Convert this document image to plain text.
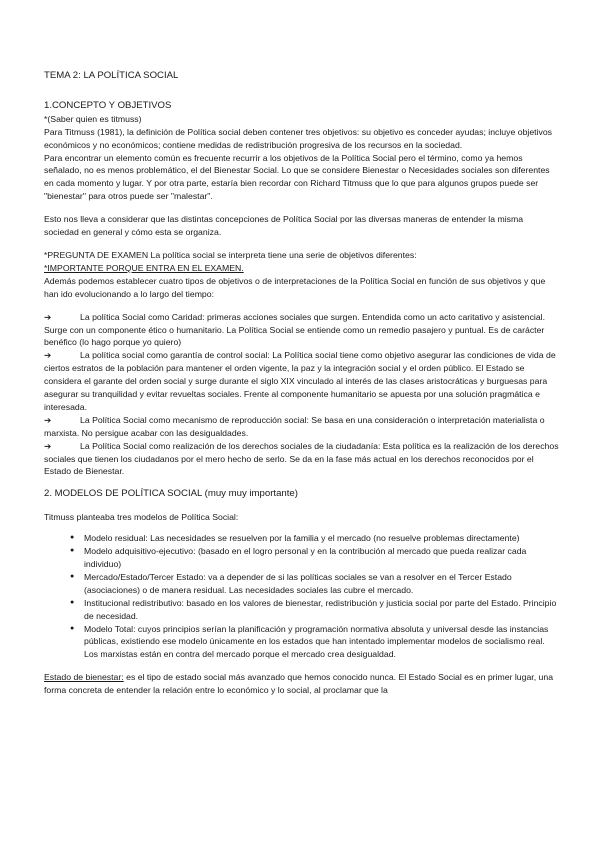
TEMA 2: LA POLÍTICA SOCIAL

1.CONCEPTO Y OBJETIVOS

*(Saber quien es titmuss)

Para Titmuss (1981), la definición de Política social deben contener tres objetivos: su objetivo es conceder ayudas; incluye objetivos económicos y no económicos; contiene medidas de redistribución progresiva de los recursos en la sociedad.

Para encontrar un elemento común es frecuente recurrir a los objetivos de la Política Social pero el término, como ya hemos señalado, no es menos problemático, el del Bienestar Social. Lo que se considere Bienestar o Necesidades sociales son diferentes en cada momento y lugar. Y por otra parte, estaría bien recordar con Richard Titmuss que lo que para algunos grupos puede ser "bienestar" para otros puede ser "malestar".

Esto nos lleva a considerar que las distintas concepciones de Política Social por las diversas maneras de entender la misma sociedad en general y cómo esta se organiza.

*PREGUNTA DE EXAMEN La política social se interpreta tiene una serie de objetivos diferentes:

*IMPORTANTE PORQUE ENTRA EN EL EXAMEN.

Además podemos establecer cuatro tipos de objetivos o de interpretaciones de la Política Social en función de sus objetivos y que han ido evolucionando a lo largo del tiempo:

➔	La política Social como Caridad: primeras acciones sociales que surgen. Entendida como un acto caritativo y asistencial. Surge con un componente ético o humanitario. La Política Social se entiende como un remedio pasajero y puntual. Es de carácter benéfico (lo hago porque yo quiero)

➔	La política social como garantía de control social: La Política social tiene como objetivo asegurar las condiciones de vida de ciertos estratos de la población para mantener el orden vigente, la paz y la integración social y el orden público. El Estado se considera el garante del orden social y surge durante el siglo XIX vinculado al interés de las clases aristocráticas y burguesas para asegurar su tranquilidad y evitar revueltas sociales. Frente al componente humanitario se apuesta por una solución pragmática e interesada.

➔	La Política Social como mecanismo de reproducción social: Se basa en una consideración o interpretación materialista o marxista. No persigue acabar con las desigualdades.

➔	La Política Social como realización de los derechos sociales de la ciudadanía: Esta política es la realización de los derechos sociales que tienen los ciudadanos por el mero hecho de serlo. Se da en la fase más actual en los derechos reconocidos por el Estado de Bienestar.

2. MODELOS DE POLÍTICA SOCIAL (muy muy importante)

Titmuss planteaba tres modelos de Política Social:

● Modelo residual: Las necesidades se resuelven por la familia y el mercado (no resuelve problemas directamente)
● Modelo adquisitivo-ejecutivo: (basado en el logro personal y en la contribución al mercado que pueda realizar cada individuo)
● Mercado/Estado/Tercer Estado: va a depender de si las políticas sociales se van a resolver en el Tercer Estado (asociaciones) o de manera residual. Las necesidades sociales las cubre el mercado.
● Institucional redistributivo: basado en los valores de bienestar, redistribución y justicia social por parte del Estado. Principio de necesidad.
● Modelo Total: cuyos principios serían la planificación y programación normativa absoluta y universal desde las instancias públicas, existiendo ese modelo únicamente en los estados que han intentado implementar modelos de socialismo real. Los marxistas están en contra del mercado porque el mercado crea desigualdad.

Estado de bienestar: es el tipo de estado social más avanzado que hemos conocido nunca. El Estado Social es en primer lugar, una forma concreta de entender la relación entre lo económico y lo social, al proclamar que la
